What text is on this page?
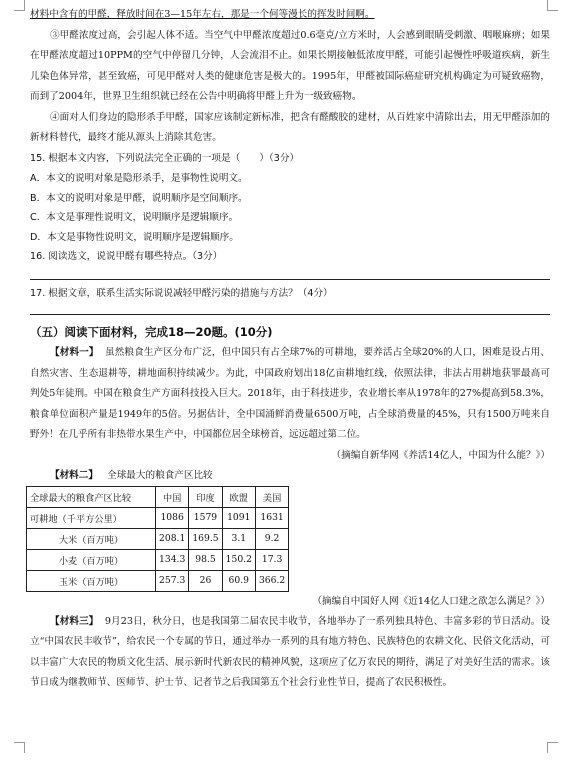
材料中含有的甲醛，释放时间在3—15年左右，那是一个何等漫长的挥发时间啊。

③甲醛浓度过高，会引起人体不适。当空气中甲醛浓度超过0.6毫克/立方米时，人会感到眼睛受刺激、咽喉麻痹；如果在甲醛浓度超过10PPM的空气中停留几分钟，人会流泪不止。如果长期接触低浓度甲醛，可能引起慢性呼吸道疾病，新生儿染色体异常，甚至致癌，可见甲醛对人类的健康危害是极大的。1995年，甲醛被国际癌症研究机构确定为可疑致癌物，而到了2004年，世界卫生组织就已经在公告中明确将甲醛上升为一级致癌物。

④面对人们身边的隐形杀手甲醛，国家应该制定新标准，把含有醛酸胶的建材，从百姓家中清除出去，用无甲醛添加的新材料替代，最终才能从源头上消除其危害。

15. 根据本文内容，下列说法完全正确的一项是（　　）（3分）

A．本文的说明对象是隐形杀手，是事物性说明文。

B．本文的说明对象是甲醛，说明顺序是空间顺序。

C．本文是事理性说明文，说明顺序是逻辑顺序。

D．本文是事物性说明文，说明顺序是逻辑顺序。

16. 阅读选文，说说甲醛有哪些特点。（3分）

17. 根据文章，联系生活实际说说减轻甲醛污染的措施与方法？（4分）

（五）阅读下面材料，完成18—20题。(10分)

【材料一】 虽然粮食生产区分布广泛，但中国只有占全球7%的可耕地，要养活占全球20%的人口，困难是设占用、自然灾害、生态退耕等，耕地面积持续减少。为此，中国政府划出18亿亩耕地红线，依照法律，非法占用耕地获罪最高可判处5年徒刑。中国在粮食生产方面科技投入巨大。2018年，由于科技进步，农业增长率从1978年的27%提高到58.3%，粮食单位面积产量是1949年的5倍。另据估计，全中国涌鲜消费量6500万吨，占全球消费量的45%，只有1500万吨来自野外！在几乎所有非热带水果生产中，中国都位居全球榜首，远远超过第二位。

（摘编自新华网《养活14亿人，中国为什么能？》）

【材料二】 全球最大的粮食产区比较

全球最大的粮食产区比较	中国	印度	欧盟	美国
可耕地（千平方公里）	1086	1579	1091	1631
大米（百万吨）	208.1	169.5	3.1	9.2
小麦（百万吨）	134.3	98.5	150.2	17.3
玉米（百万吨）	257.3	26	60.9	366.2

（摘编自中国好人网《近14亿人口建之欲怎么满足？》）

【材料三】 9月23日，秋分日，也是我国第二届农民丰收节，各地举办了一系列独具特色、丰富多彩的节日活动。设立“中国农民丰收节”，给农民一个专属的节日，通过举办一系列的具有地方特色、民族特色的农耕文化、民俗文化活动，可以丰富广大农民的物质文化生活、展示新时代新农民的精神风貌，这项应了亿万农民的期待，满足了对美好生活的需求。该节日成为继教师节、医师节、护士节、记者节之后我国第五个社会行业性节日，提高了农民积极性。
